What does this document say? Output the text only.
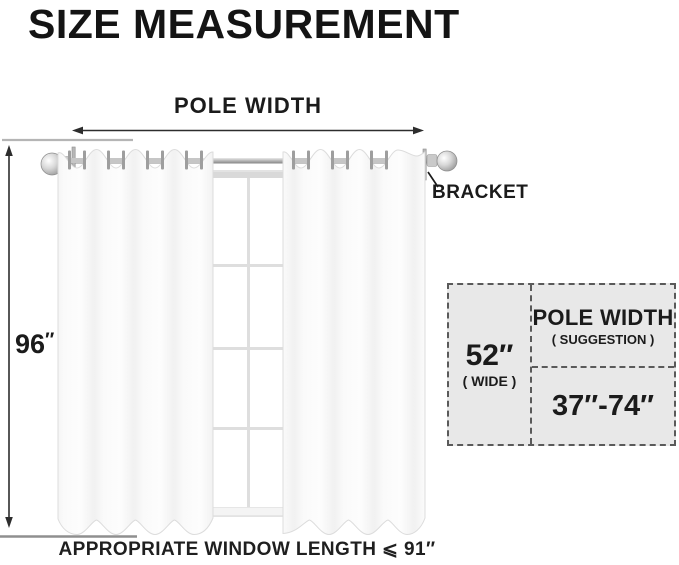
SIZE MEASUREMENT
POLE WIDTH
96″
BRACKET
APPROPRIATE WINDOW LENGTH ⩽ 91″
52″
( WIDE )
POLE WIDTH
( SUGGESTION )
37″-74″
